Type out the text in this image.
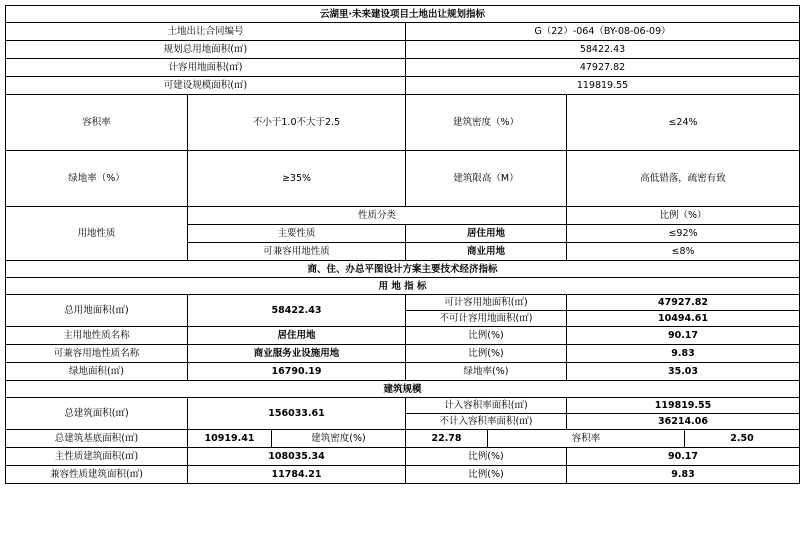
云湖里·未来建设项目土地出让规划指标						
土地出让合同编号			G（22）-064（BY-08-06-09）			
规划总用地面积(㎡)			58422.43			
计容用地面积(㎡)			47927.82			
可建设规模面积(㎡)			119819.55			
容积率	不小于1.0不大于2.5		建筑密度（%）		≤24%	
绿地率（%）	≥35%		建筑限高（M）		高低错落，疏密有致	
用地性质	性质分类				比例（%）	
	主要性质		居住用地		≤92%	
	可兼容用地性质		商业用地		≤8%	
商、住、办总平图设计方案主要技术经济指标						
用 地 指 标						
总用地面积(㎡)	58422.43		可计容用地面积(㎡)		47927.82	
			不可计容用地面积(㎡)		10494.61	
主用地性质名称	居住用地		比例(%)		90.17	
可兼容用地性质名称	商业服务业设施用地		比例(%)		9.83	
绿地面积(㎡)	16790.19		绿地率(%)		35.03	
建筑规模						
总建筑面积(㎡)	156033.61		计入容积率面积(㎡)		119819.55	
			不计入容积率面积(㎡)		36214.06	
总建筑基底面积(㎡)	10919.41	建筑密度(%)	22.78	容积率		2.50
主性质建筑面积(㎡)	108035.34		比例(%)		90.17	
兼容性质建筑面积(㎡)	11784.21		比例(%)		9.83	
